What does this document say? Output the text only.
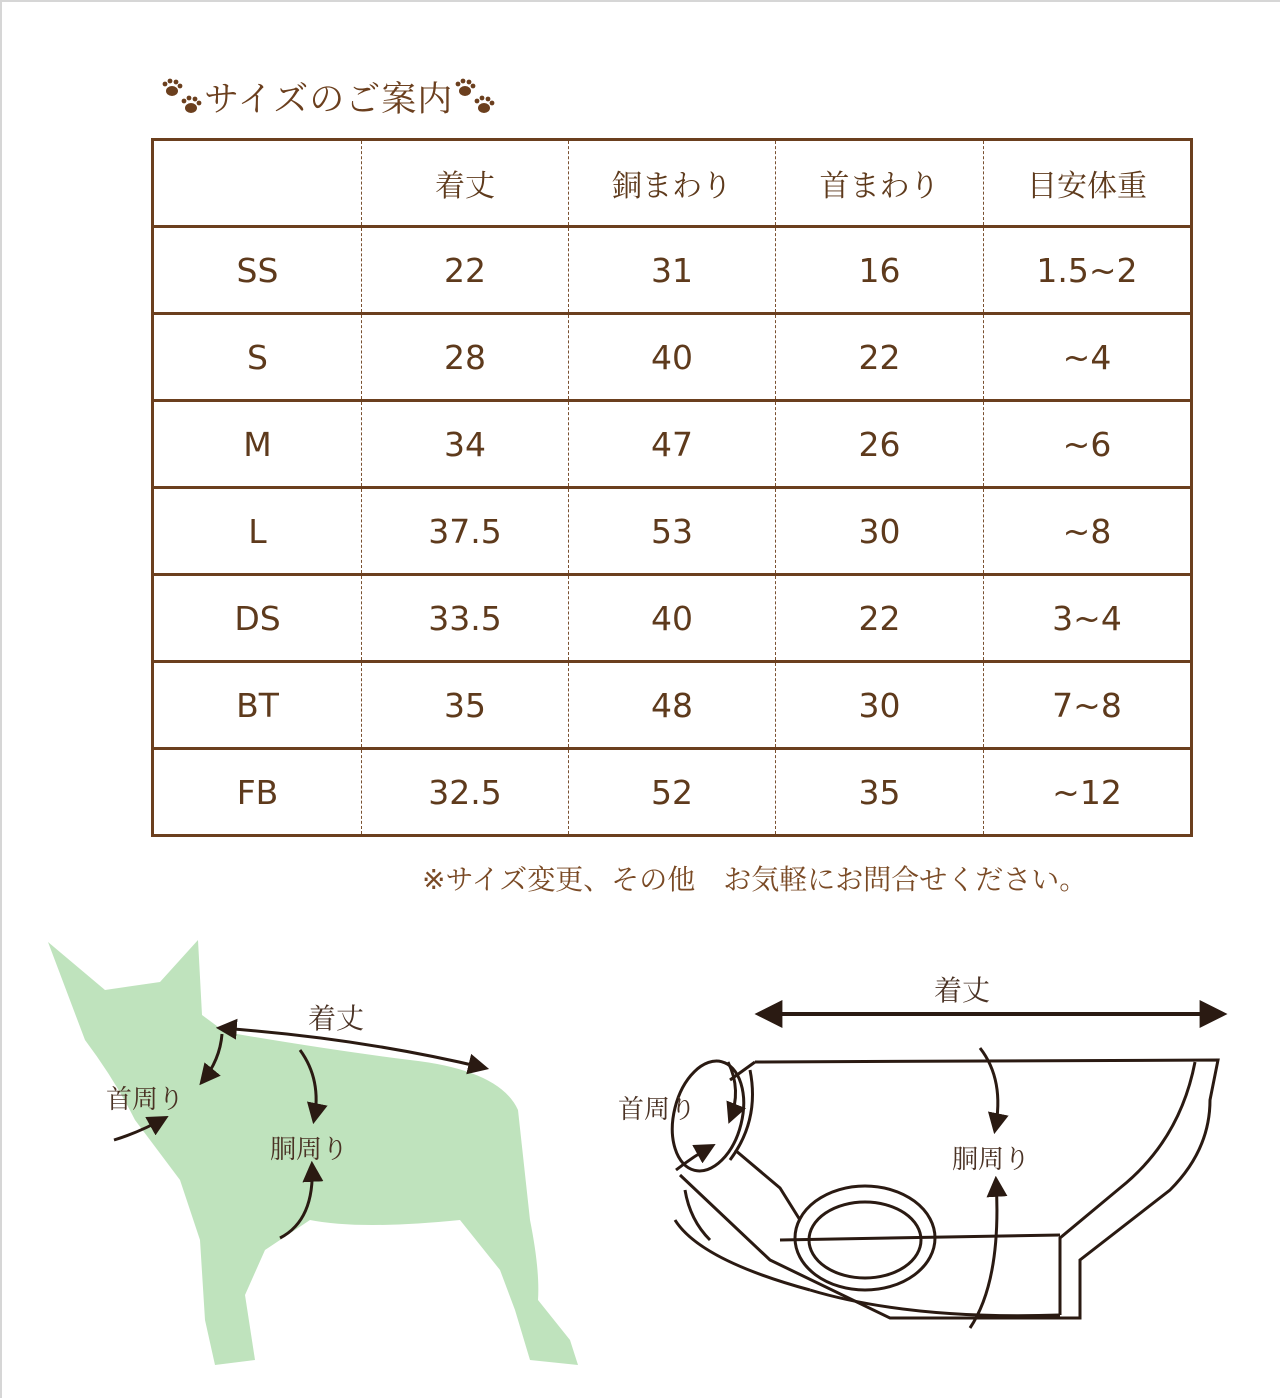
サイズのご案内
	着丈	銅まわり	首まわり	目安体重
SS	22	31	16	1.5~2
S	28	40	22	~4
M	34	47	26	~6
L	37.5	53	30	~8
DS	33.5	40	22	3~4
BT	35	48	30	7~8
FB	32.5	52	35	~12
※サイズ変更、その他　お気軽にお問合せください。
着丈
首周り
胴周り
着丈
首周り
胴周り
